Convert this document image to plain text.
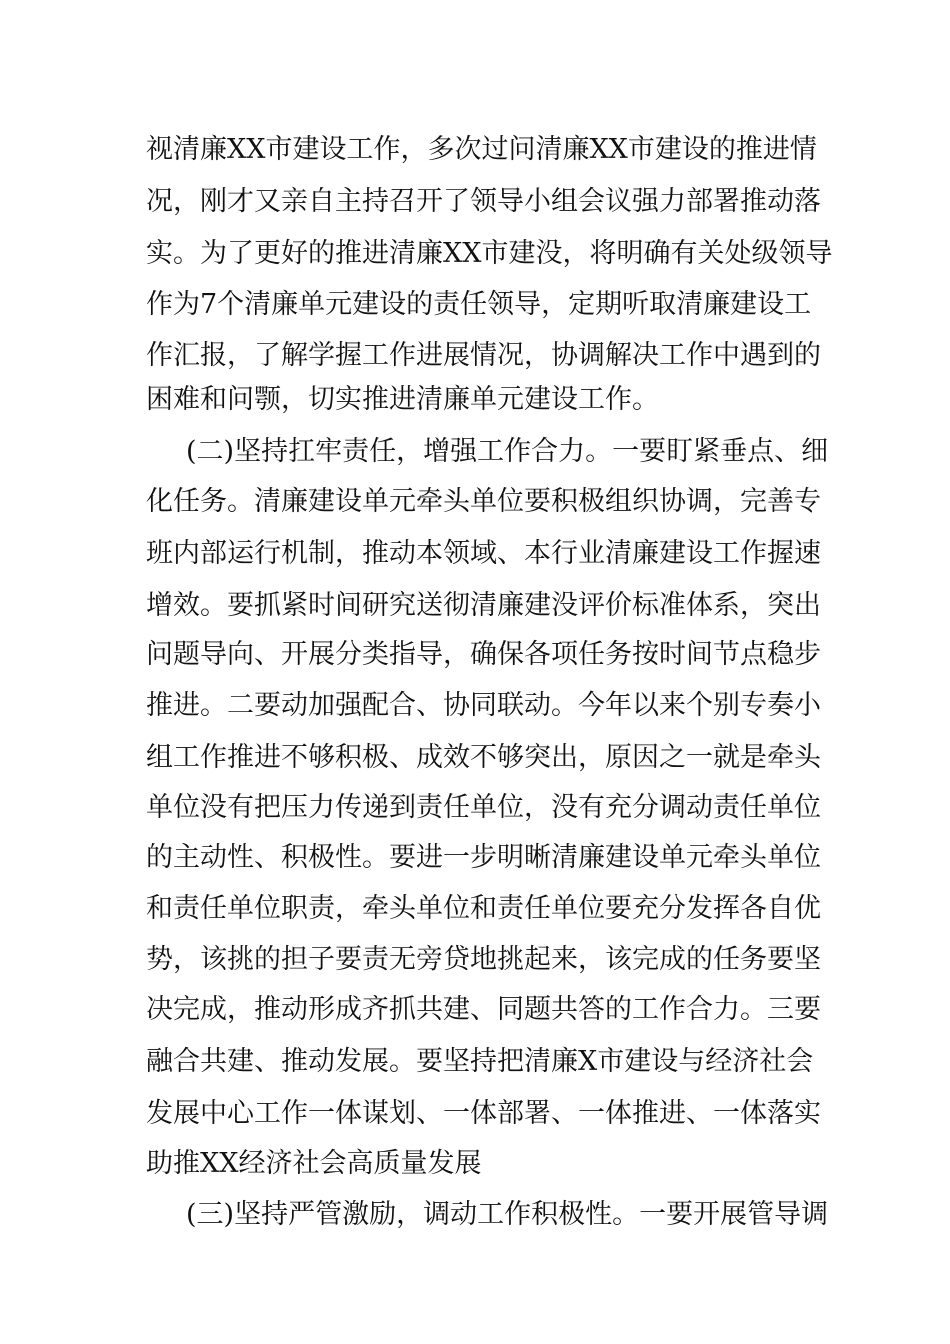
视清廉XX市建设工作，多次过问清廉XX市建设的推进情
况，刚才又亲自主持召开了领导小组会议强力部署推动落
实。为了更好的推进清廉XX市建没，将明确有关处级领导
作为7个清廉单元建设的责任领导，定期听取清廉建设工
作汇报，了解学握工作进展情况，协调解决工作中遇到的
困难和问颚，切实推进清廉单元建设工作。
(二)坚持扛牢责任，增强工作合力。一要盯紧垂点、细
化任务。清廉建设单元牵头单位要积极组织协调，完善专
班内部运行机制，推动本领域、本行业清廉建设工作握速
增效。要抓紧时间研究送彻清廉建没评价标准体系，突出
问题导向、开展分类指导，确保各项任务按时间节点稳步
推进。二要动加强配合、协同联动。今年以来个别专奏小
组工作推进不够积极、成效不够突出，原因之一就是牵头
单位没有把压力传递到责任单位，没有充分调动责任单位
的主动性、积极性。要进一步明晰清廉建设单元牵头单位
和责任单位职责，牵头单位和责任单位要充分发挥各自优
势，该挑的担子要责无旁贷地挑起来，该完成的任务要坚
决完成，推动形成齐抓共建、同题共答的工作合力。三要
融合共建、推动发展。要坚持把清廉X市建设与经济社会
发展中心工作一体谋划、一体部署、一体推进、一体落实
助推XX经济社会高质量发展
(三)坚持严管激励，调动工作积极性。一要开展管导调
